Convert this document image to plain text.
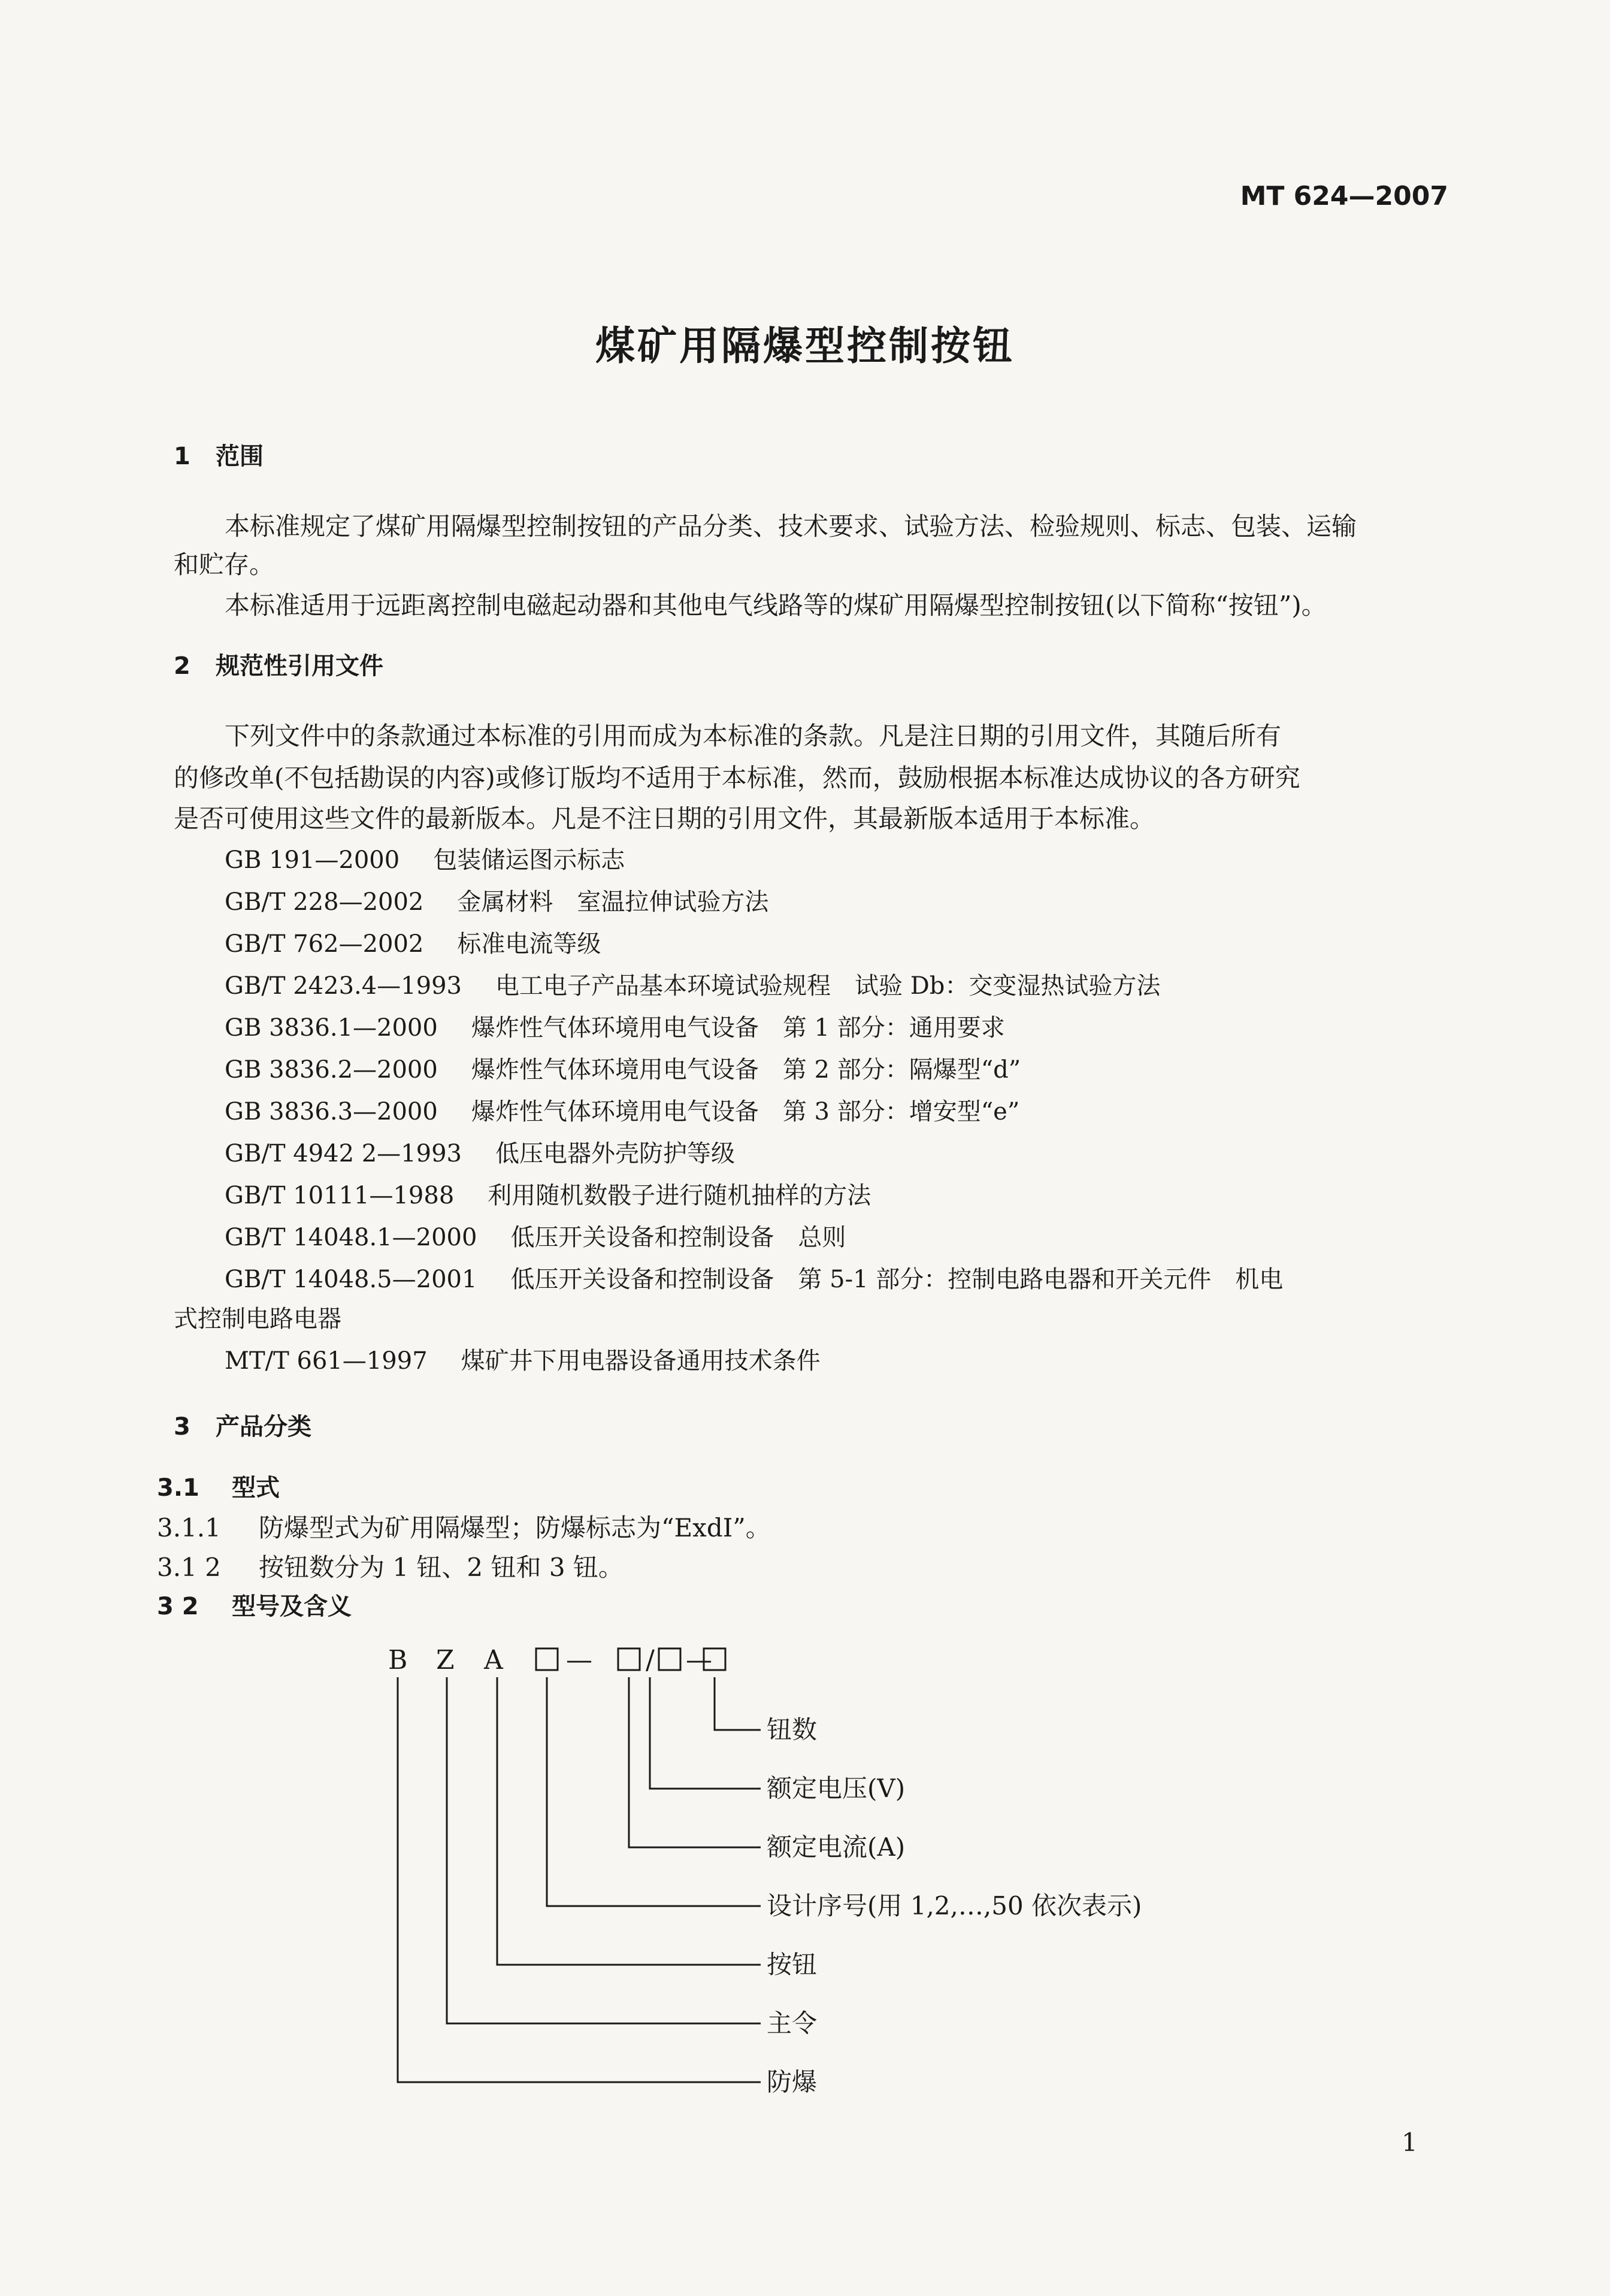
MT 624—2007
煤矿用隔爆型控制按钮
1 范围
本标准规定了煤矿用隔爆型控制按钮的产品分类、技术要求、试验方法、检验规则、标志、包装、运输
和贮存。
本标准适用于远距离控制电磁起动器和其他电气线路等的煤矿用隔爆型控制按钮(以下简称“按钮”)。
2 规范性引用文件
下列文件中的条款通过本标准的引用而成为本标准的条款。凡是注日期的引用文件，其随后所有
的修改单(不包括勘误的内容)或修订版均不适用于本标准，然而，鼓励根据本标准达成协议的各方研究
是否可使用这些文件的最新版本。凡是不注日期的引用文件，其最新版本适用于本标准。
GB 191—2000 包装储运图示标志
GB/T 228—2002 金属材料　室温拉伸试验方法
GB/T 762—2002 标准电流等级
GB/T 2423.4—1993 电工电子产品基本环境试验规程　试验 Db：交变湿热试验方法
GB 3836.1—2000 爆炸性气体环境用电气设备　第 1 部分：通用要求
GB 3836.2—2000 爆炸性气体环境用电气设备　第 2 部分：隔爆型“d”
GB 3836.3—2000 爆炸性气体环境用电气设备　第 3 部分：增安型“e”
GB/T 4942 2—1993 低压电器外壳防护等级
GB/T 10111—1988 利用随机数骰子进行随机抽样的方法
GB/T 14048.1—2000 低压开关设备和控制设备　总则
GB/T 14048.5—2001 低压开关设备和控制设备　第 5-1 部分：控制电路电器和开关元件　机电
式控制电路电器
MT/T 661—1997 煤矿井下用电器设备通用技术条件
3 产品分类
3.1 型式
3.1.1 防爆型式为矿用隔爆型；防爆标志为“ExdI”。
3.1 2 按钮数分为 1 钮、2 钮和 3 钮。
3 2 型号及含义
B Z A — / —
钮数
额定电压(V)
额定电流(A)
设计序号(用 1,2,…,50 依次表示)
按钮
主令
防爆
1
